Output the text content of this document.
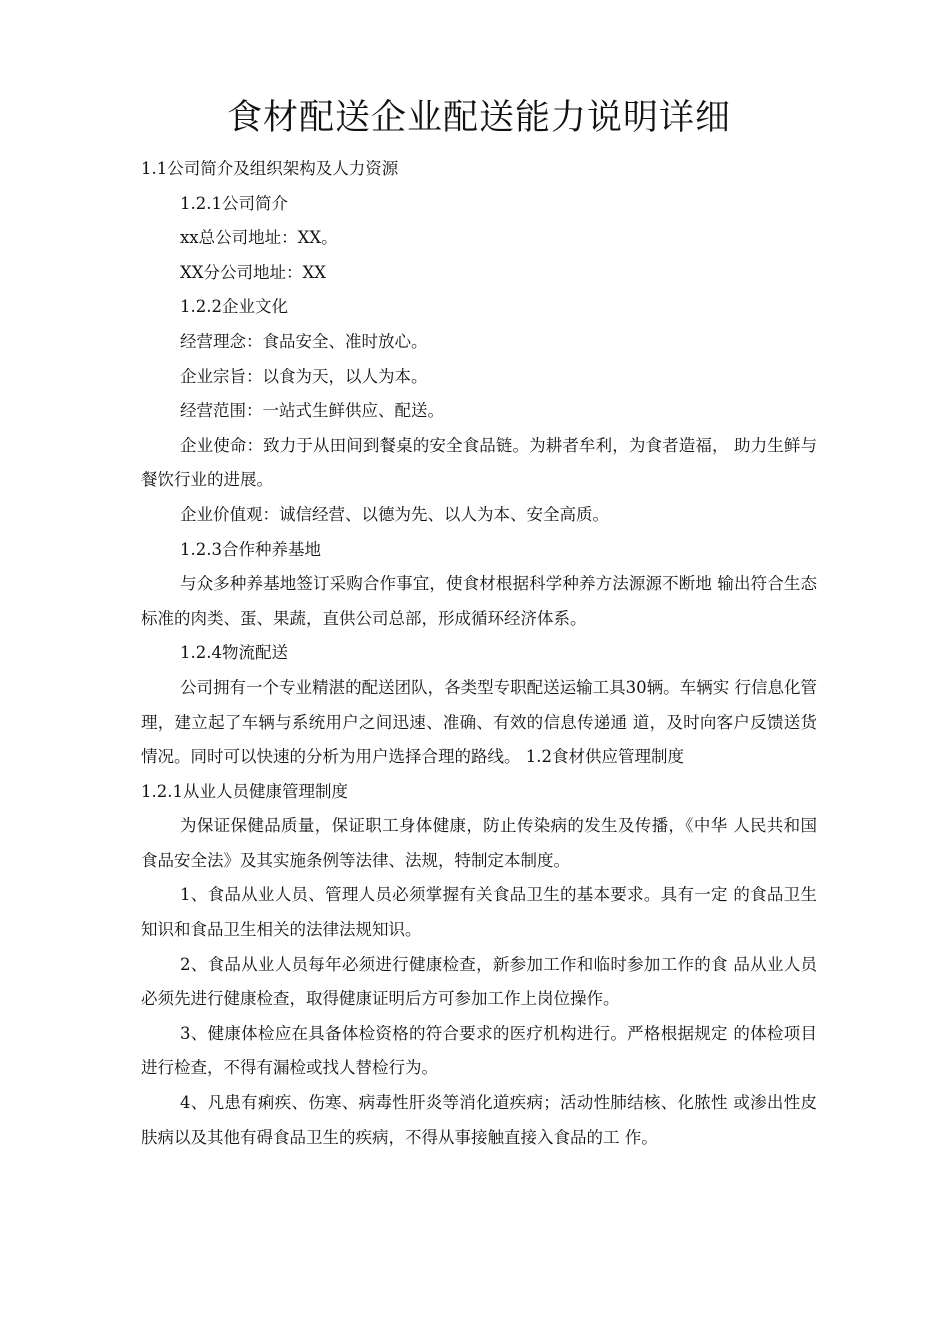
食材配送企业配送能力说明详细

1.1公司简介及组织架构及人力资源

1.2.1公司简介

xx总公司地址：XX。

XX分公司地址：XX

1.2.2企业文化

经营理念：食品安全、准时放心。

企业宗旨：以食为天，以人为本。

经营范围：一站式生鲜供应、配送。

企业使命：致力于从田间到餐桌的安全食品链。为耕者牟利，为食者造福， 助力生鲜与餐饮行业的进展。

企业价值观：诚信经营、以德为先、以人为本、安全高质。

1.2.3合作种养基地

与众多种养基地签订采购合作事宜，使食材根据科学种养方法源源不断地 输出符合生态标准的肉类、蛋、果蔬，直供公司总部，形成循环经济体系。

1.2.4物流配送

公司拥有一个专业精湛的配送团队，各类型专职配送运输工具30辆。车辆实 行信息化管理，建立起了车辆与系统用户之间迅速、准确、有效的信息传递通 道，及时向客户反馈送货情况。同时可以快速的分析为用户选择合理的路线。 1.2食材供应管理制度

1.2.1从业人员健康管理制度

为保证保健品质量，保证职工身体健康，防止传染病的发生及传播，《中华 人民共和国食品安全法》及其实施条例等法律、法规，特制定本制度。

1、食品从业人员、管理人员必须掌握有关食品卫生的基本要求。具有一定 的食品卫生知识和食品卫生相关的法律法规知识。

2、食品从业人员每年必须进行健康检查，新参加工作和临时参加工作的食 品从业人员必须先进行健康检查，取得健康证明后方可参加工作上岗位操作。

3、健康体检应在具备体检资格的符合要求的医疗机构进行。严格根据规定 的体检项目进行检查，不得有漏检或找人替检行为。

4、凡患有痢疾、伤寒、病毒性肝炎等消化道疾病；活动性肺结核、化脓性 或渗出性皮肤病以及其他有碍食品卫生的疾病，不得从事接触直接入食品的工 作。
